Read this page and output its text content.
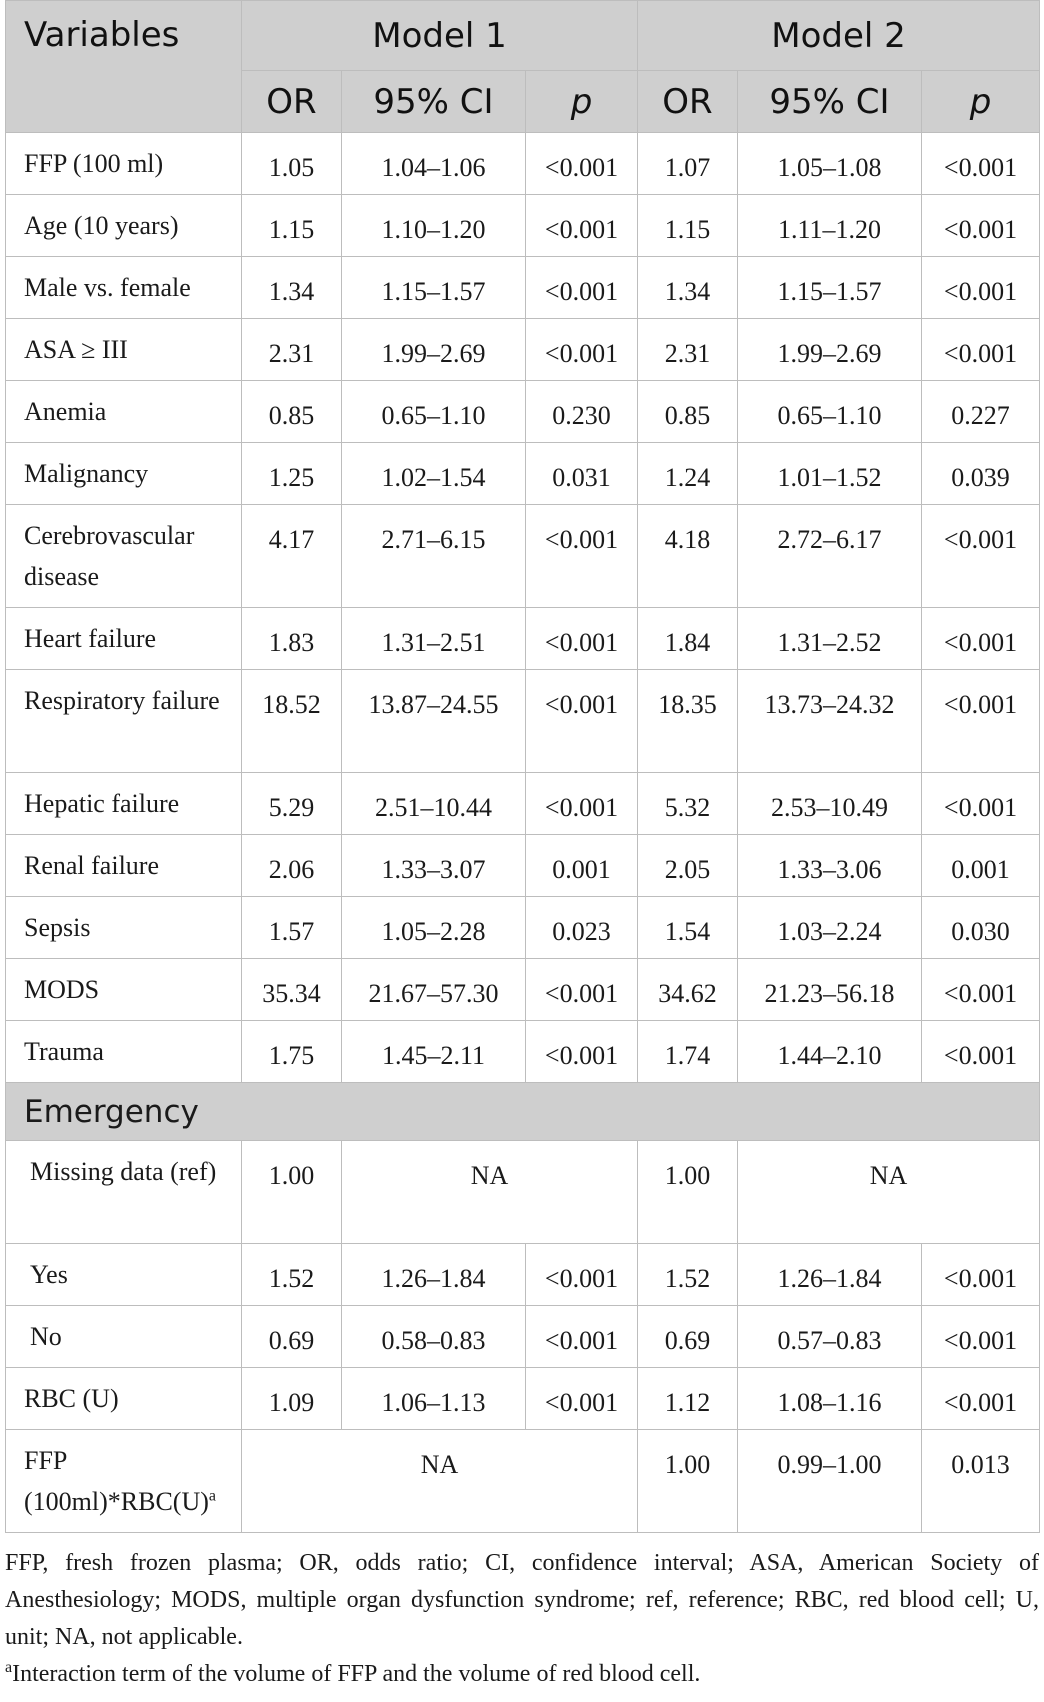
Variables	Model 1			Model 2		
	OR	95% CI	p	OR	95% CI	p
FFP (100 ml)	1.05	1.04–1.06	<0.001	1.07	1.05–1.08	<0.001
Age (10 years)	1.15	1.10–1.20	<0.001	1.15	1.11–1.20	<0.001
Male vs. female	1.34	1.15–1.57	<0.001	1.34	1.15–1.57	<0.001
ASA ≥ III	2.31	1.99–2.69	<0.001	2.31	1.99–2.69	<0.001
Anemia	0.85	0.65–1.10	0.230	0.85	0.65–1.10	0.227
Malignancy	1.25	1.02–1.54	0.031	1.24	1.01–1.52	0.039
Cerebrovascular disease	4.17	2.71–6.15	<0.001	4.18	2.72–6.17	<0.001
Heart failure	1.83	1.31–2.51	<0.001	1.84	1.31–2.52	<0.001
Respiratory failure	18.52	13.87–24.55	<0.001	18.35	13.73–24.32	<0.001
Hepatic failure	5.29	2.51–10.44	<0.001	5.32	2.53–10.49	<0.001
Renal failure	2.06	1.33–3.07	0.001	2.05	1.33–3.06	0.001
Sepsis	1.57	1.05–2.28	0.023	1.54	1.03–2.24	0.030
MODS	35.34	21.67–57.30	<0.001	34.62	21.23–56.18	<0.001
Trauma	1.75	1.45–2.11	<0.001	1.74	1.44–2.10	<0.001
Emergency						
Missing data (ref)	1.00	NA		1.00	NA	
Yes	1.52	1.26–1.84	<0.001	1.52	1.26–1.84	<0.001
No	0.69	0.58–0.83	<0.001	0.69	0.57–0.83	<0.001
RBC (U)	1.09	1.06–1.13	<0.001	1.12	1.08–1.16	<0.001
FFP
$(100ml)*RBC(U)^a$	NA			1.00	0.99–1.00	0.013

FFP, fresh frozen plasma; OR, odds ratio; CI, confidence interval; ASA, American Society of Anesthesiology; MODS, multiple organ dysfunction syndrome; ref, reference; RBC, red blood cell; U, unit; NA, not applicable.

$^a$Interaction term of the volume of FFP and the volume of red blood cell.
